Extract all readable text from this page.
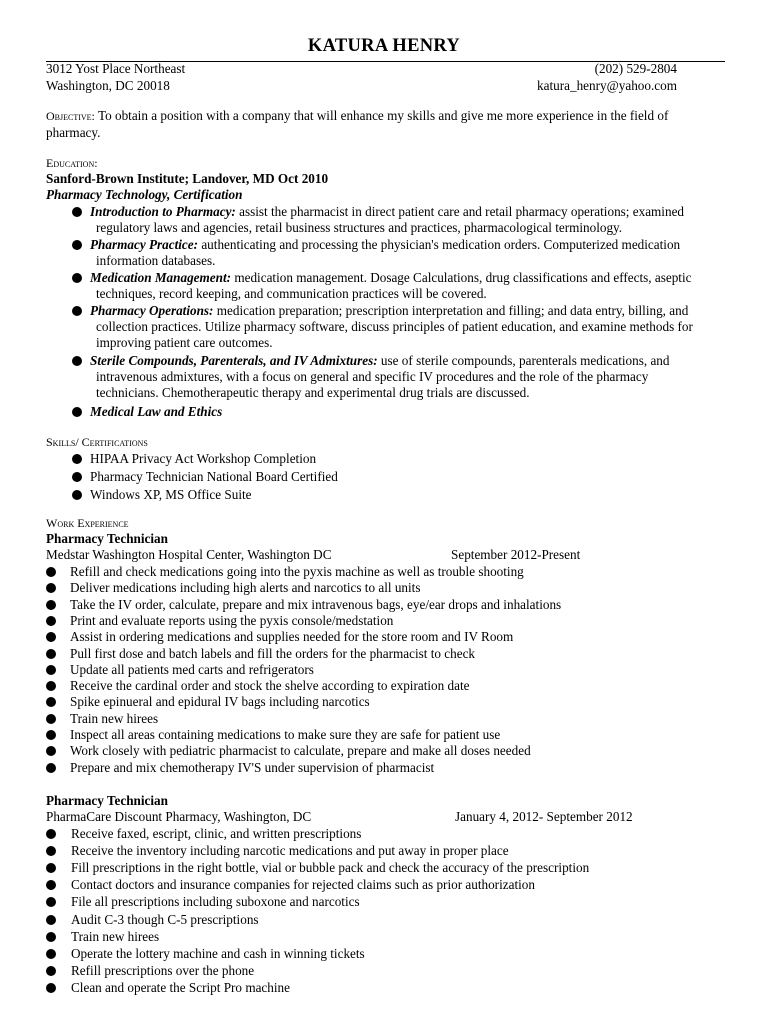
KATURA HENRY
3012 Yost Place Northeast
Washington, DC 20018
(202) 529-2804
katura_henry@yahoo.com
Objective: To obtain a position with a company that will enhance my skills and give me more experience in the field of
pharmacy.
Education:
Sanford-Brown Institute; Landover, MD Oct 2010
Pharmacy Technology, Certification
Introduction to Pharmacy: assist the pharmacist in direct patient care and retail pharmacy operations; examined
regulatory laws and agencies, retail business structures and practices, pharmacological terminology.
Pharmacy Practice: authenticating and processing the physician's medication orders. Computerized medication
information databases.
Medication Management: medication management. Dosage Calculations, drug classifications and effects, aseptic
techniques, record keeping, and communication practices will be covered.
Pharmacy Operations: medication preparation; prescription interpretation and filling; and data entry, billing, and
collection practices. Utilize pharmacy software, discuss principles of patient education, and examine methods for
improving patient care outcomes.
Sterile Compounds, Parenterals, and IV Admixtures: use of sterile compounds, parenterals medications, and
intravenous admixtures, with a focus on general and specific IV procedures and the role of the pharmacy
technicians. Chemotherapeutic therapy and experimental drug trials are discussed.
Medical Law and Ethics
Skills/ Certifications
HIPAA Privacy Act Workshop Completion
Pharmacy Technician National Board Certified
Windows XP, MS Office Suite
Work Experience
Pharmacy Technician
Medstar Washington Hospital Center, Washington DC	September 2012-Present
Refill and check medications going into the pyxis machine as well as trouble shooting
Deliver medications including high alerts and narcotics to all units
Take the IV order, calculate, prepare and mix intravenous bags, eye/ear drops and inhalations
Print and evaluate reports using the pyxis console/medstation
Assist in ordering medications and supplies needed for the store room and IV Room
Pull first dose and batch labels and fill the orders for the pharmacist to check
Update all patients med carts and refrigerators
Receive the cardinal order and stock the shelve according to expiration date
Spike epinueral and epidural IV bags including narcotics
Train new hirees
Inspect all areas containing medications to make sure they are safe for patient use
Work closely with pediatric pharmacist to calculate, prepare and make all doses needed
Prepare and mix chemotherapy IV'S under supervision of pharmacist
Pharmacy Technician
PharmaCare Discount Pharmacy, Washington, DC	January 4, 2012- September 2012
Receive faxed, escript, clinic, and written prescriptions
Receive the inventory including narcotic medications and put away in proper place
Fill prescriptions in the right bottle, vial or bubble pack and check the accuracy of the prescription
Contact doctors and insurance companies for rejected claims such as prior authorization
File all prescriptions including suboxone and narcotics
Audit C-3 though C-5 prescriptions
Train new hirees
Operate the lottery machine and cash in winning tickets
Refill prescriptions over the phone
Clean and operate the Script Pro machine
